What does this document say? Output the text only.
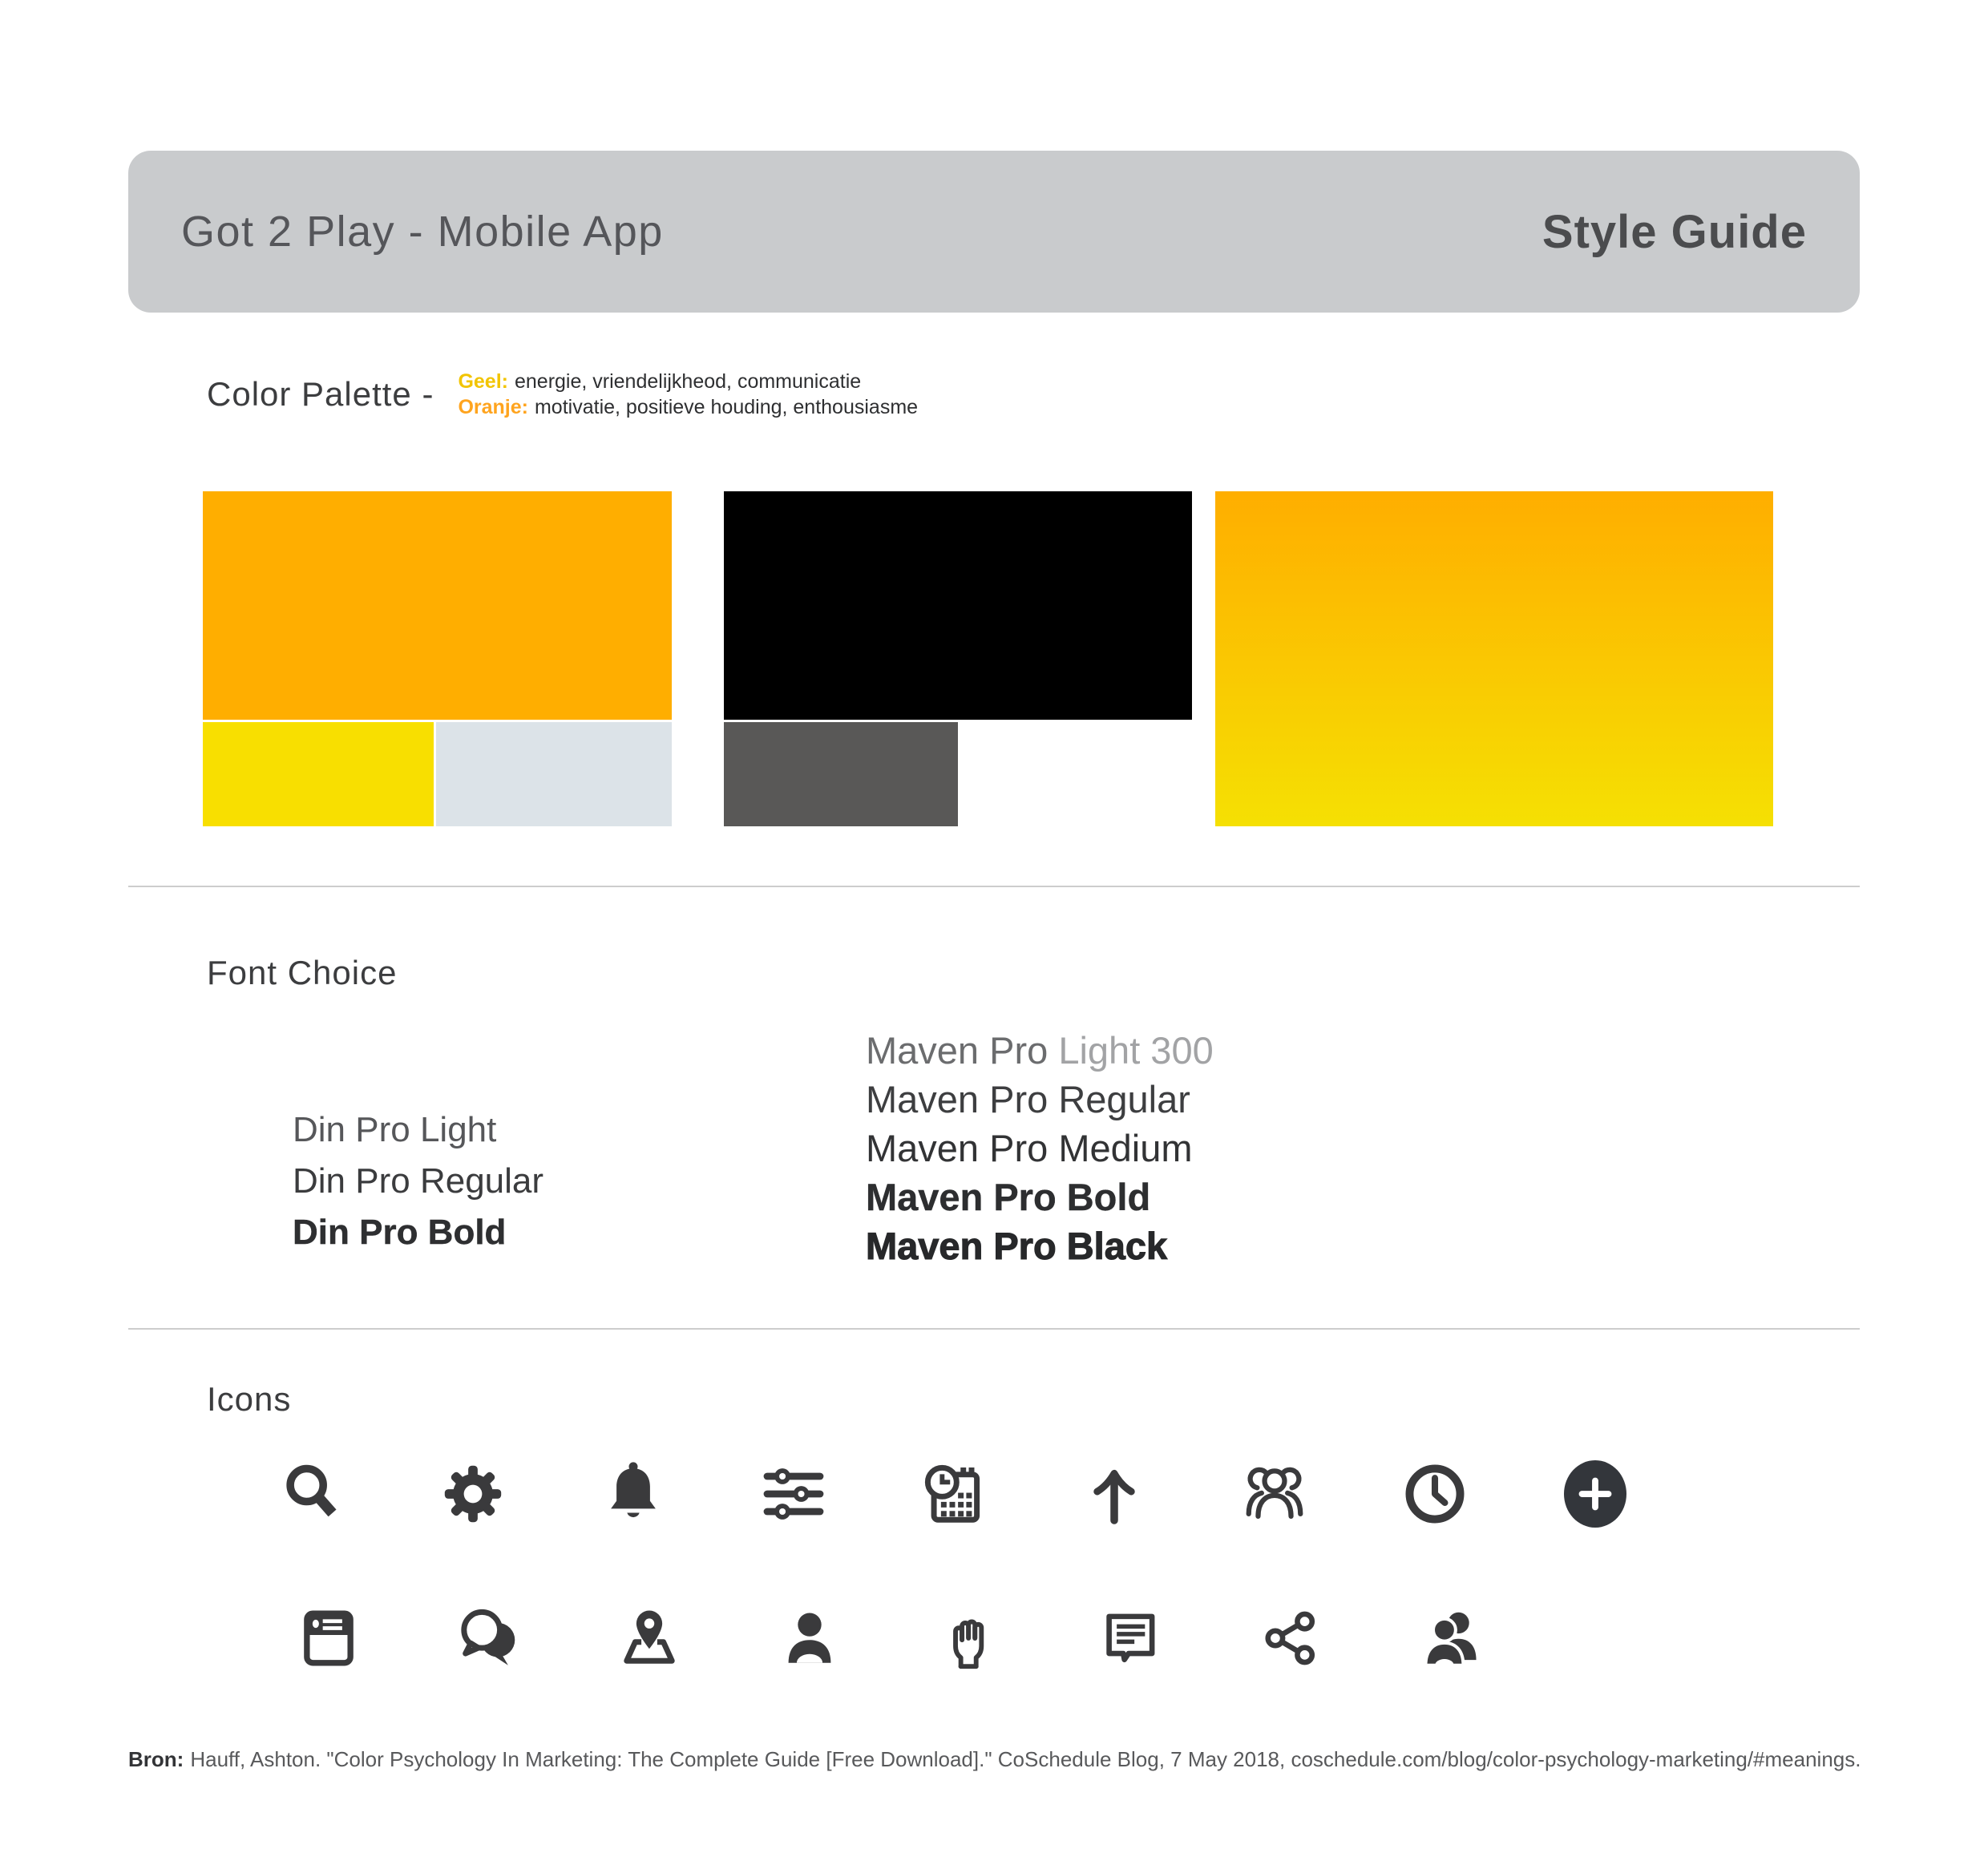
Got 2 Play - Mobile App	Style Guide
Color Palette - Geel: energie, vriendelijkheod, communicatie
Oranje: motivatie, positieve houding, enthousiasme
Font Choice
Din Pro Light
Din Pro Regular
Din Pro Bold
Maven Pro Light 300
Maven Pro Regular
Maven Pro Medium
Maven Pro Bold
Maven Pro Black
Icons
Bron: Hauff, Ashton. "Color Psychology In Marketing: The Complete Guide [Free Download]." CoSchedule Blog, 7 May 2018, coschedule.com/blog/color-psychology-marketing/#meanings.
